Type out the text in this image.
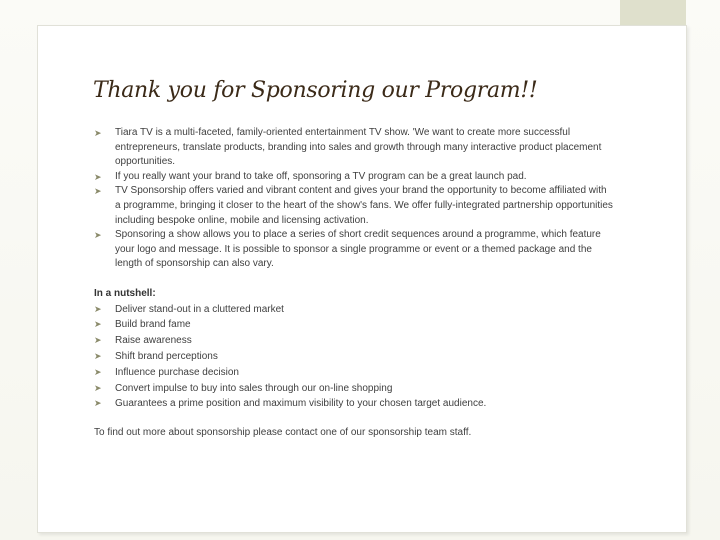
Thank you for Sponsoring our Program!!
➤ Tiara TV is a multi-faceted, family-oriented entertainment TV show. 'We want to create more successful entrepreneurs, translate products, branding into sales and growth through many interactive product placement opportunities.
➤ If you really want your brand to take off, sponsoring a TV program can be a great launch pad.
➤ TV Sponsorship offers varied and vibrant content and gives your brand the opportunity to become affiliated with a programme, bringing it closer to the heart of the show's fans. We offer fully-integrated partnership opportunities including bespoke online, mobile and licensing activation.
➤ Sponsoring a show allows you to place a series of short credit sequences around a programme, which feature your logo and message. It is possible to sponsor a single programme or event or a themed package and the length of sponsorship can also vary.
In a nutshell:
➤ Deliver stand-out in a cluttered market
➤ Build brand fame
➤ Raise awareness
➤ Shift brand perceptions
➤ Influence purchase decision
➤ Convert impulse to buy into sales through our on-line shopping
➤ Guarantees a prime position and maximum visibility to your chosen target audience.
To find out more about sponsorship please contact one of our sponsorship team staff.
